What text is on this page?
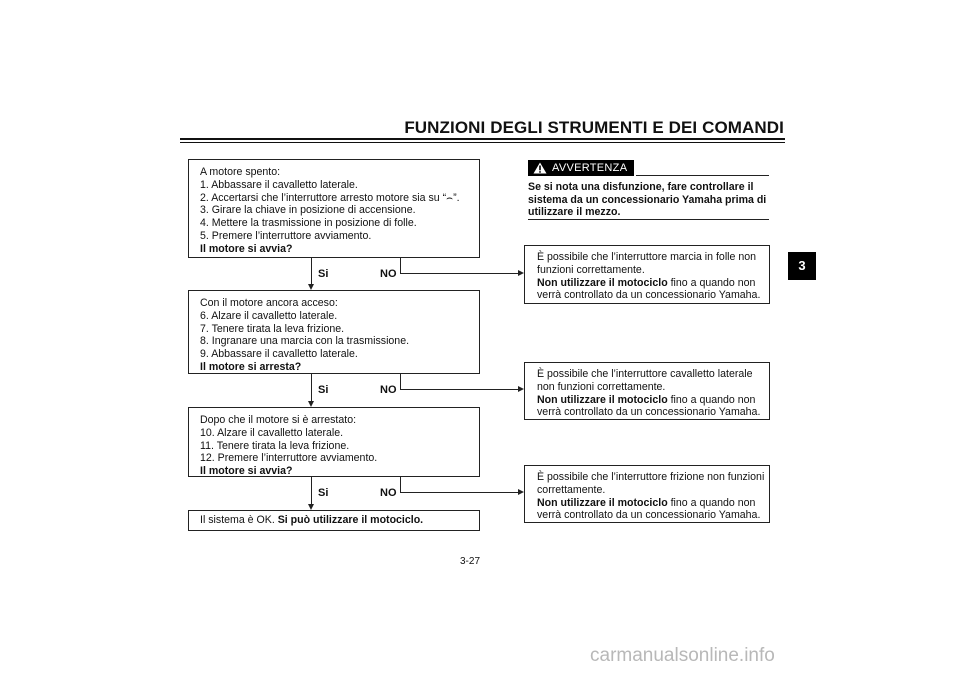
FUNZIONI DEGLI STRUMENTI E DEI COMANDI
3
A motore spento:
1. Abbassare il cavalletto laterale.
2. Accertarsi che l’interruttore arresto motore sia su “⌢”.
3. Girare la chiave in posizione di accensione.
4. Mettere la trasmissione in posizione di folle.
5. Premere l’interruttore avviamento.
Il motore si avvia?
Si	NO
Con il motore ancora acceso:
6. Alzare il cavalletto laterale.
7. Tenere tirata la leva frizione.
8. Ingranare una marcia con la trasmissione.
9. Abbassare il cavalletto laterale.
Il motore si arresta?
Si	NO
Dopo che il motore si è arrestato:
10. Alzare il cavalletto laterale.
11. Tenere tirata la leva frizione.
12. Premere l’interruttore avviamento.
Il motore si avvia?
Si	NO
Il sistema è OK. Si può utilizzare il motociclo.
AVVERTENZA
Se si nota una disfunzione, fare controllare il
sistema da un concessionario Yamaha prima di
utilizzare il mezzo.
È possibile che l’interruttore marcia in folle non
funzioni correttamente.
Non utilizzare il motociclo fino a quando non
verrà controllato da un concessionario Yamaha.
È possibile che l’interruttore cavalletto laterale
non funzioni correttamente.
Non utilizzare il motociclo fino a quando non
verrà controllato da un concessionario Yamaha.
È possibile che l’interruttore frizione non funzioni
correttamente.
Non utilizzare il motociclo fino a quando non
verrà controllato da un concessionario Yamaha.
3-27
carmanualsonline.info
